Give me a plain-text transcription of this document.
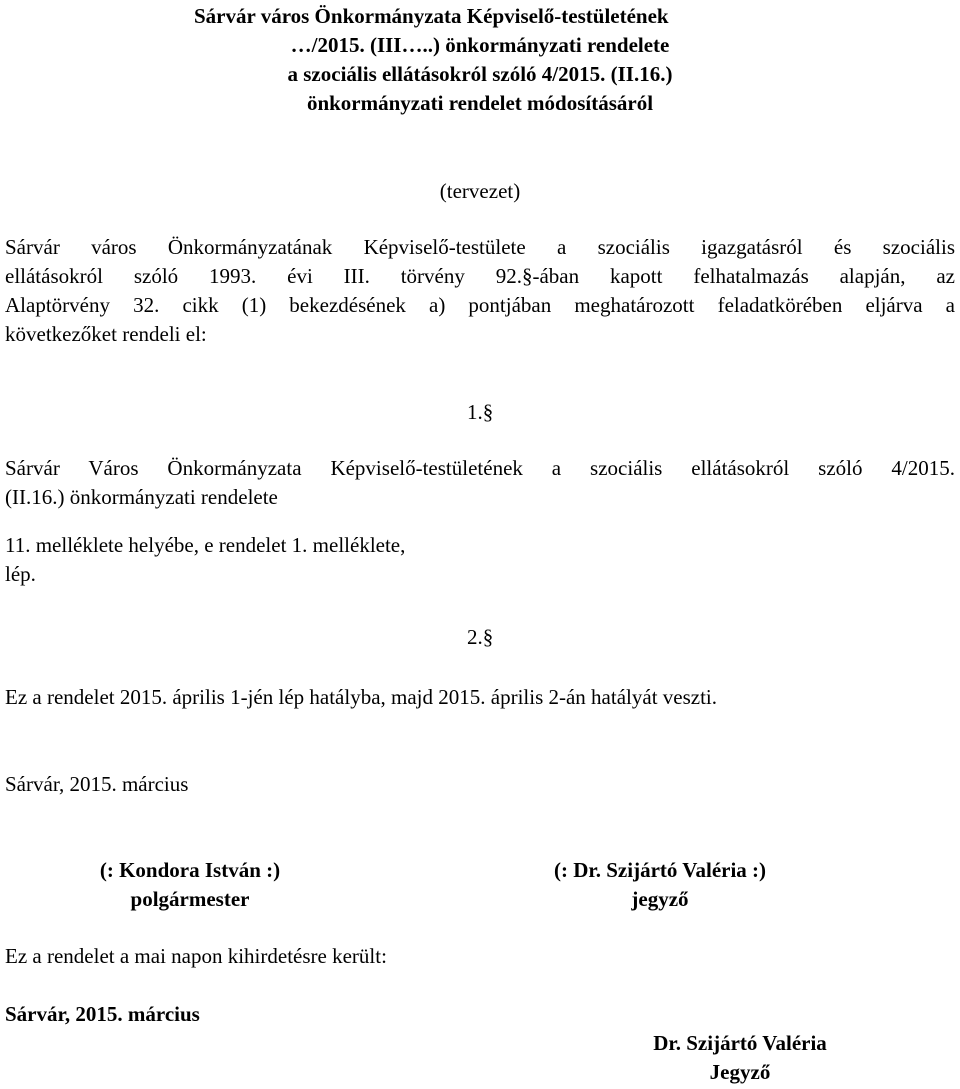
Sárvár város Önkormányzata Képviselő-testületének
…/2015. (III…..) önkormányzati rendelete
a szociális ellátásokról szóló 4/2015. (II.16.)
önkormányzati rendelet módosításáról
(tervezet)
Sárvár város Önkormányzatának Képviselő-testülete a szociális igazgatásról és szociális
ellátásokról szóló 1993. évi III. törvény 92.§-ában kapott felhatalmazás alapján, az
Alaptörvény 32. cikk (1) bekezdésének a) pontjában meghatározott feladatkörében eljárva a
következőket rendeli el:
1.§
Sárvár Város Önkormányzata Képviselő-testületének a szociális ellátásokról szóló 4/2015.
(II.16.) önkormányzati rendelete
11. melléklete helyébe, e rendelet 1. melléklete,
lép.
2.§
Ez a rendelet 2015. április 1-jén lép hatályba, majd 2015. április 2-án hatályát veszti.
Sárvár, 2015. március
(: Kondora István :)
polgármester
(: Dr. Szijártó Valéria :)
jegyző
Ez a rendelet a mai napon kihirdetésre került:
Sárvár, 2015. március
Dr. Szijártó Valéria
Jegyző
